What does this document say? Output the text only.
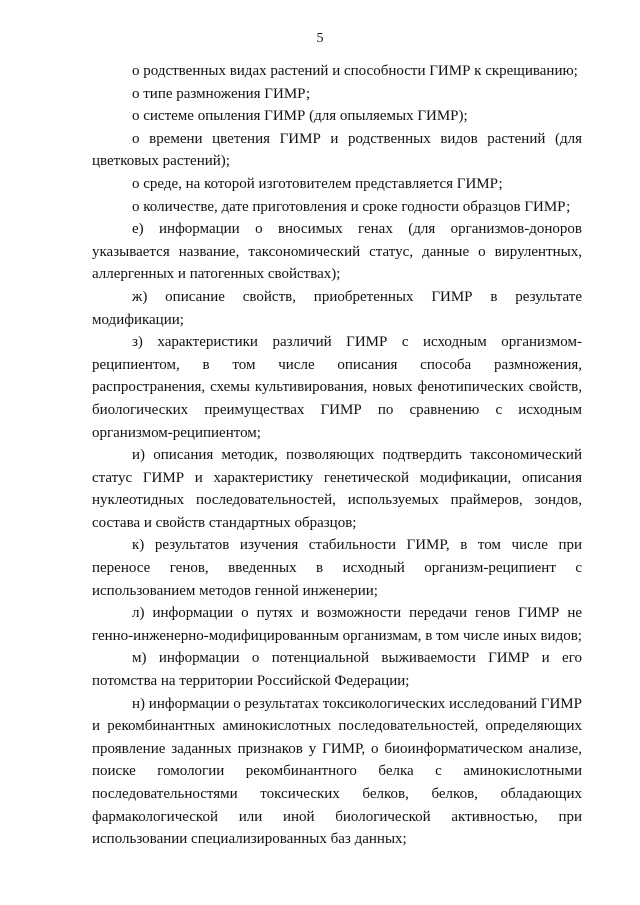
5

о родственных видах растений и способности ГИМР к скрещиванию;

о типе размножения ГИМР;

о системе опыления ГИМР (для опыляемых ГИМР);

о времени цветения ГИМР и родственных видов растений (для цветковых растений);

о среде, на которой изготовителем представляется ГИМР;

о количестве, дате приготовления и сроке годности образцов ГИМР;

е) информации о вносимых генах (для организмов-доноров указывается название, таксономический статус, данные о вирулентных, аллергенных и патогенных свойствах);

ж) описание свойств, приобретенных ГИМР в результате модификации;

з) характеристики различий ГИМР с исходным организмом-реципиентом, в том числе описания способа размножения, распространения, схемы культивирования, новых фенотипических свойств, биологических преимуществах ГИМР по сравнению с исходным организмом-реципиентом;

и) описания методик, позволяющих подтвердить таксономический статус ГИМР и характеристику генетической модификации, описания нуклеотидных последовательностей, используемых праймеров, зондов, состава и свойств стандартных образцов;

к) результатов изучения стабильности ГИМР, в том числе при переносе генов, введенных в исходный организм-реципиент с использованием методов генной инженерии;

л) информации о путях и возможности передачи генов ГИМР не генно-инженерно-модифицированным организмам, в том числе иных видов;

м) информации о потенциальной выживаемости ГИМР и его потомства на территории Российской Федерации;

н) информации о результатах токсикологических исследований ГИМР и рекомбинантных аминокислотных последовательностей, определяющих проявление заданных признаков у ГИМР, о биоинформатическом анализе, поиске гомологии рекомбинантного белка с аминокислотными последовательностями токсических белков, белков, обладающих фармакологической или иной биологической активностью, при использовании специализированных баз данных;
